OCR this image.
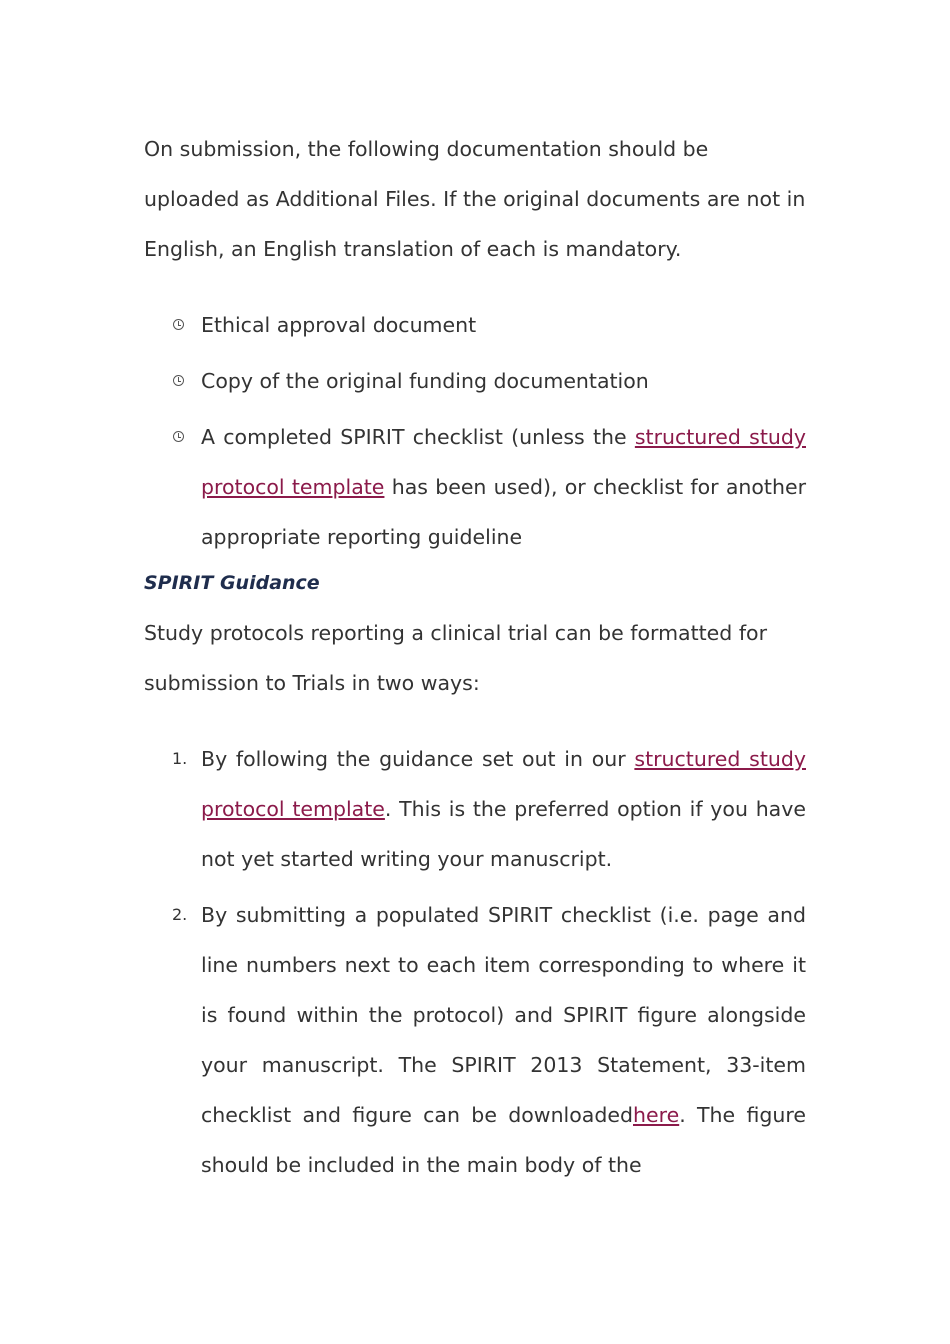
On submission, the following documentation should be uploaded as Additional Files. If the original documents are not in English, an English translation of each is mandatory.

Ethical approval document
Copy of the original funding documentation
A completed SPIRIT checklist (unless the structured study protocol template has been used), or checklist for another appropriate reporting guideline
SPIRIT Guidance

Study protocols reporting a clinical trial can be formatted for submission to Trials in two ways:

1. By following the guidance set out in our structured study protocol template. This is the preferred option if you have not yet started writing your manuscript.
2. By submitting a populated SPIRIT checklist (i.e. page and line numbers next to each item corresponding to where it is found within the protocol) and SPIRIT figure alongside your manuscript. The SPIRIT 2013 Statement, 33-item checklist and figure can be downloadedhere. The figure should be included in the main body of the
